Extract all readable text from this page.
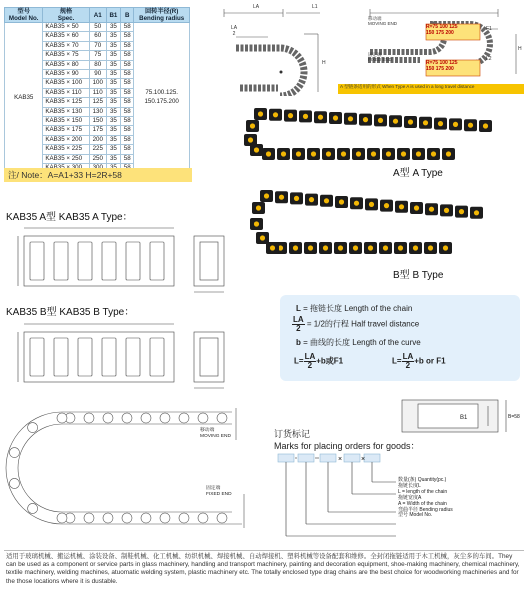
型号
Model No.	规格
Spec.	A1	B1	B	回转半径(R)
Bending radius
KAB35	KAB35 × 50	50	35	58	75.100.125.
150.175.200
	KAB35 × 60	60	35	58	
	KAB35 × 70	70	35	58	
	KAB35 × 75	75	35	58	
	KAB35 × 80	80	35	58	
	KAB35 × 90	90	35	58	
	KAB35 × 100	100	35	58	
	KAB35 × 110	110	35	58	
	KAB35 × 125	125	35	58	
	KAB35 × 130	130	35	58	
	KAB35 × 150	150	35	58	
	KAB35 × 175	175	35	58	
	KAB35 × 200	200	35	58	
	KAB35 × 225	225	35	58	
	KAB35 × 250	250	35	58	

注/ Note：A=A1+33 H=2R+58
LA
LA
2
L1
H
移动端
MOVING END
固定端
FIXED END
R=75 100 125
150 175 200
R=75 100 125
150 175 200
F1
H
L2
A 型链条适用的形式 When Type A is used in a long travel distance
A型 A Type
B型 B Type
KAB35 A型 KAB35 A Type：
KAB35 B型 KAB35 B Type：	L = 拖链长度 Length of the chain
$\frac{LA}{2} = 1/2$的行程 Half travel distance
b = 曲线的长度 Length of the curve
$L= \frac{LA}{2} +b$或F1	$L= \frac{LA}{2} +b$ or F1
移动端
MOVING END
固定端
FIXED END
B1	B=58
订货标记
Marks for placing orders for goods：
×	×
数量(条) Quantity(pc.)
拖链长度L
L = length of the chain
拖链宽度A
A = Width of the chain
弯曲半径 Bending radius
型号 Model No.
适用于玻璃机械、搬运机械、涂装设备、制鞋机械、化工机械、纺织机械、焊接机械、自动焊接机、塑料机械等设备配套和维修。全封闭拖链适用于木工机械，灰尘多的车间。They can be used as a component or service parts in glass machinery, handling and transport machinery, painting and decoration equipment, shoe-making machinery, chemical machinery, textile machinery, welding machines, atuomatic welding system, plastic machinery etc. The totally enclosed type drag chains are the best choice for woodworking machineries and for the those locations where it is dustable.
